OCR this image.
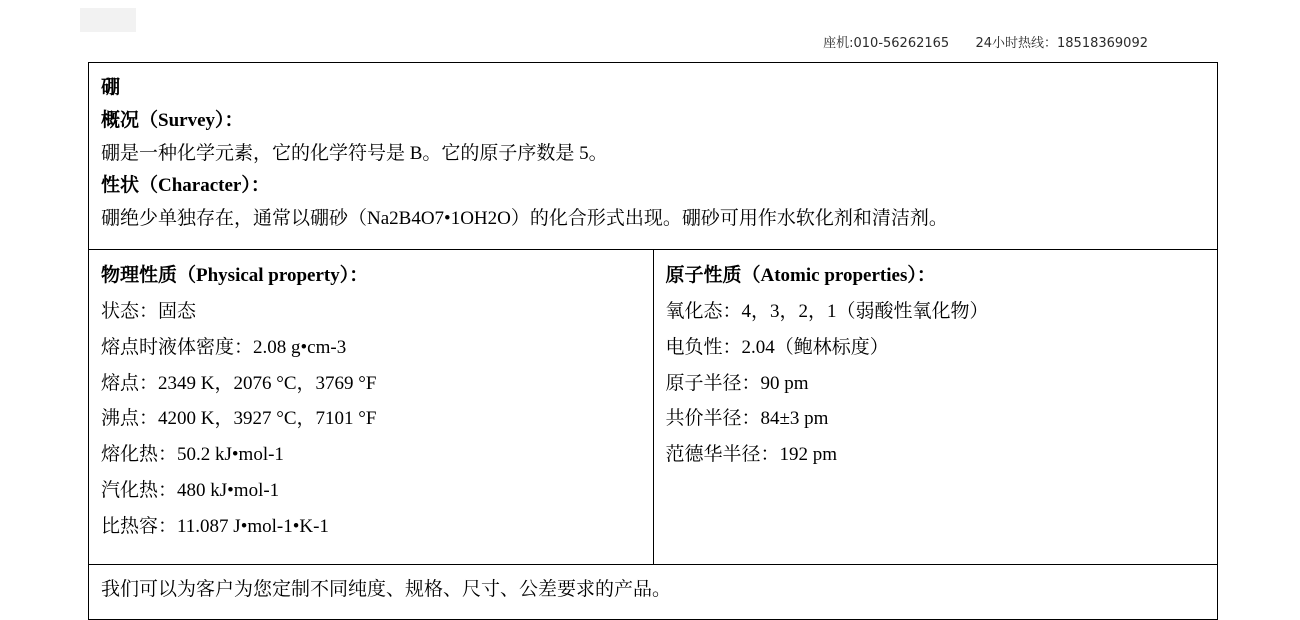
座机:010-56262165 24小时热线：18518369092
硼
概况（Survey）：
硼是一种化学元素，它的化学符号是 B。它的原子序数是 5。
性状（Character）：
硼绝少单独存在，通常以硼砂（Na2B4O7•1OH2O）的化合形式出现。硼砂可用作水软化剂和清洁剂。

物理性质（Physical property）：
状态：固态
熔点时液体密度：2.08 g•cm-3
熔点：2349 K，2076 °C，3769 °F
沸点：4200 K，3927 °C，7101 °F
熔化热：50.2 kJ•mol-1
汽化热：480 kJ•mol-1
比热容：11.087 J•mol-1•K-1

原子性质（Atomic properties）：
氧化态：4，3，2，1（弱酸性氧化物）
电负性：2.04（鲍林标度）
原子半径：90 pm
共价半径：84±3 pm
范德华半径：192 pm

我们可以为客户为您定制不同纯度、规格、尺寸、公差要求的产品。
